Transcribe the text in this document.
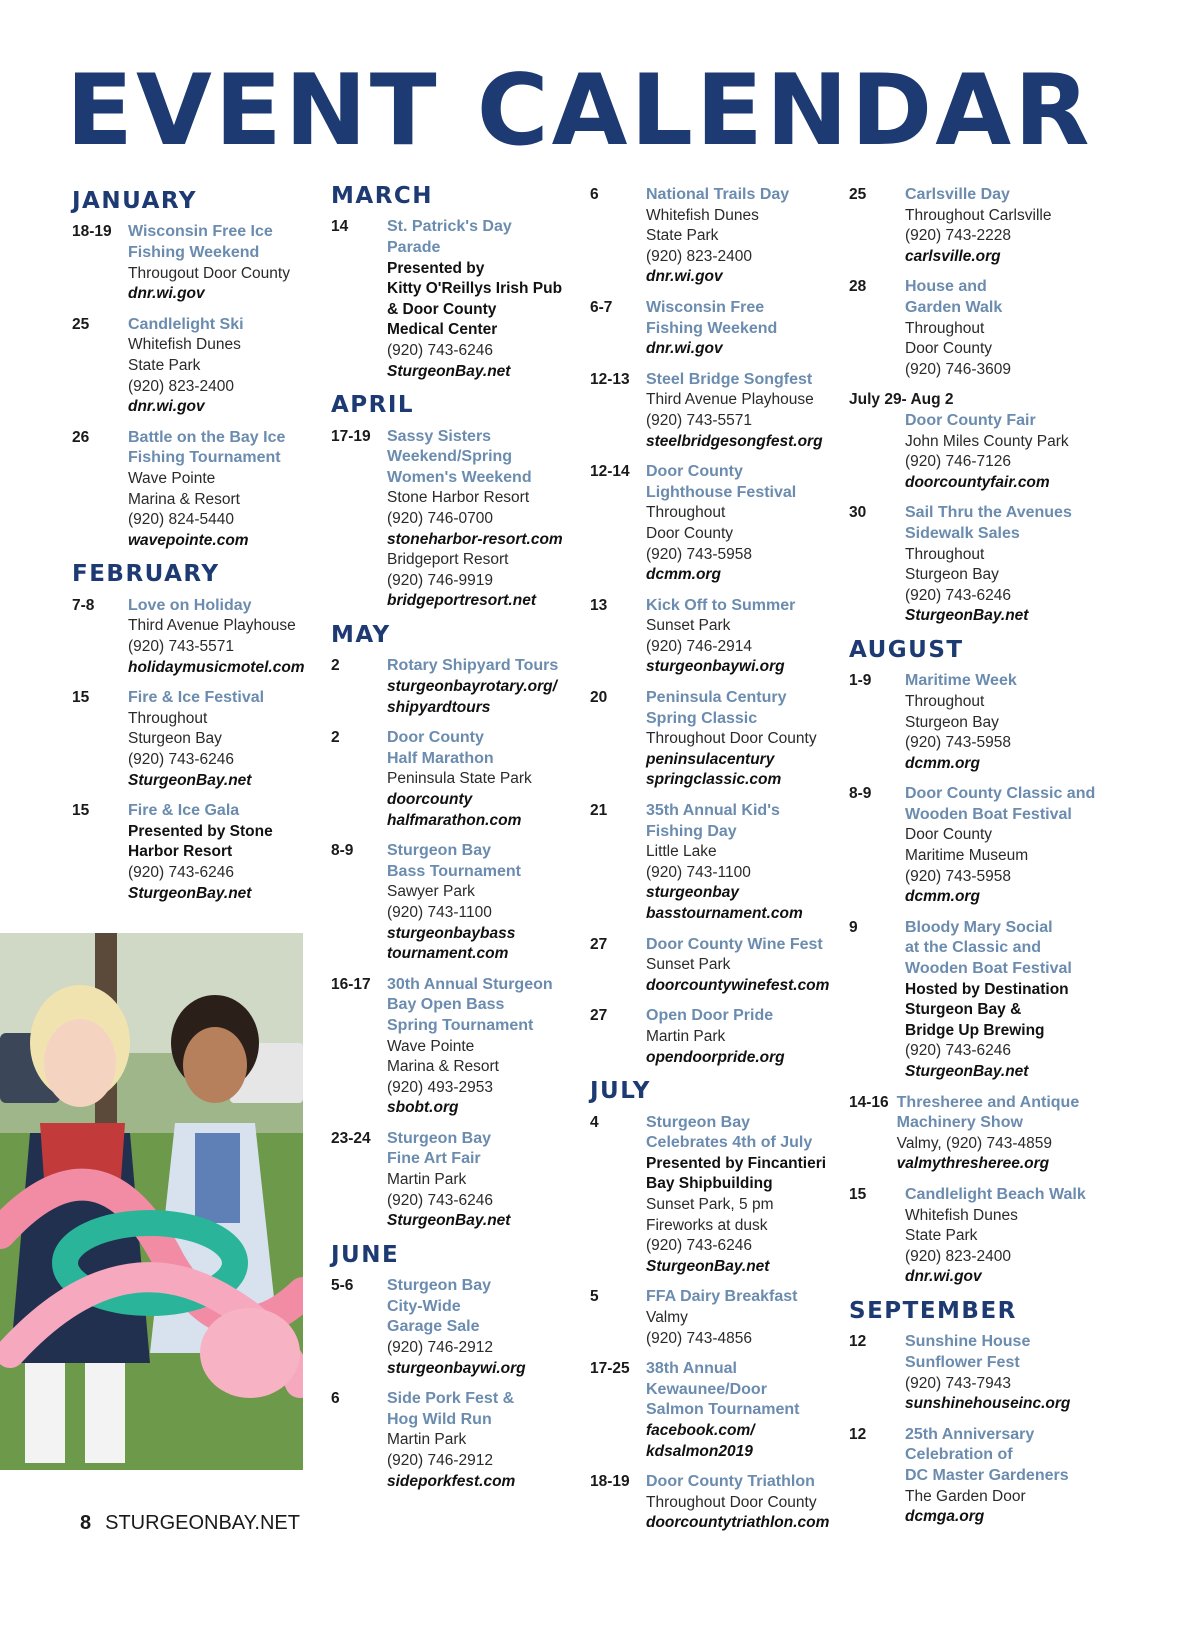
EVENT CALENDAR
JANUARY
18-19	Wisconsin Free Ice
Fishing Weekend
Througout Door County
dnr.wi.gov
25	Candlelight Ski
Whitefish Dunes
State Park
(920) 823-2400
dnr.wi.gov
26	Battle on the Bay Ice
Fishing Tournament
Wave Pointe
Marina & Resort
(920) 824-5440
wavepointe.com
FEBRUARY
7-8	Love on Holiday
Third Avenue Playhouse
(920) 743-5571
holidaymusicmotel.com
15	Fire & Ice Festival
Throughout
Sturgeon Bay
(920) 743-6246
SturgeonBay.net
15	Fire & Ice Gala
Presented by Stone
Harbor Resort
(920) 743-6246
SturgeonBay.net
MARCH
14	St. Patrick's Day
Parade
Presented by
Kitty O'Reillys Irish Pub
& Door County
Medical Center
(920) 743-6246
SturgeonBay.net
APRIL
17-19	Sassy Sisters
Weekend/Spring
Women's Weekend
Stone Harbor Resort
(920) 746-0700
stoneharbor-resort.com
Bridgeport Resort
(920) 746-9919
bridgeportresort.net
MAY
2	Rotary Shipyard Tours
sturgeonbayrotary.org/
shipyardtours
2	Door County
Half Marathon
Peninsula State Park
doorcounty
halfmarathon.com
8-9	Sturgeon Bay
Bass Tournament
Sawyer Park
(920) 743-1100
sturgeonbaybass
tournament.com
16-17	30th Annual Sturgeon
Bay Open Bass
Spring Tournament
Wave Pointe
Marina & Resort
(920) 493-2953
sbobt.org
23-24	Sturgeon Bay
Fine Art Fair
Martin Park
(920) 743-6246
SturgeonBay.net
JUNE
5-6	Sturgeon Bay
City-Wide
Garage Sale
(920) 746-2912
sturgeonbaywi.org
6	Side Pork Fest &
Hog Wild Run
Martin Park
(920) 746-2912
sideporkfest.com
6	National Trails Day
Whitefish Dunes
State Park
(920) 823-2400
dnr.wi.gov
6-7	Wisconsin Free
Fishing Weekend
dnr.wi.gov
12-13	Steel Bridge Songfest
Third Avenue Playhouse
(920) 743-5571
steelbridgesongfest.org
12-14	Door County
Lighthouse Festival
Throughout
Door County
(920) 743-5958
dcmm.org
13	Kick Off to Summer
Sunset Park
(920) 746-2914
sturgeonbaywi.org
20	Peninsula Century
Spring Classic
Throughout Door County
peninsulacentury
springclassic.com
21	35th Annual Kid's
Fishing Day
Little Lake
(920) 743-1100
sturgeonbay
basstournament.com
27	Door County Wine Fest
Sunset Park
doorcountywinefest.com
27	Open Door Pride
Martin Park
opendoorpride.org
JULY
4	Sturgeon Bay
Celebrates 4th of July
Presented by Fincantieri
Bay Shipbuilding
Sunset Park, 5 pm
Fireworks at dusk
(920) 743-6246
SturgeonBay.net
5	FFA Dairy Breakfast
Valmy
(920) 743-4856
17-25	38th Annual
Kewaunee/Door
Salmon Tournament
facebook.com/
kdsalmon2019
18-19	Door County Triathlon
Throughout Door County
doorcountytriathlon.com
25	Carlsville Day
Throughout Carlsville
(920) 743-2228
carlsville.org
28	House and
Garden Walk
Throughout
Door County
(920) 746-3609
July 29- Aug 2
Door County Fair
John Miles County Park
(920) 746-7126
doorcountyfair.com
30	Sail Thru the Avenues
Sidewalk Sales
Throughout
Sturgeon Bay
(920) 743-6246
SturgeonBay.net
AUGUST
1-9	Maritime Week
Throughout
Sturgeon Bay
(920) 743-5958
dcmm.org
8-9	Door County Classic and
Wooden Boat Festival
Door County
Maritime Museum
(920) 743-5958
dcmm.org
9	Bloody Mary Social
at the Classic and
Wooden Boat Festival
Hosted by Destination
Sturgeon Bay &
Bridge Up Brewing
(920) 743-6246
SturgeonBay.net
14-16 Thresheree and Antique
Machinery Show
Valmy, (920) 743-4859
valmythresheree.org
15	Candlelight Beach Walk
Whitefish Dunes
State Park
(920) 823-2400
dnr.wi.gov
SEPTEMBER
12	Sunshine House
Sunflower Fest
(920) 743-7943
sunshinehouseinc.org
12	25th Anniversary
Celebration of
DC Master Gardeners
The Garden Door
dcmga.org
8 STURGEONBAY.NET
